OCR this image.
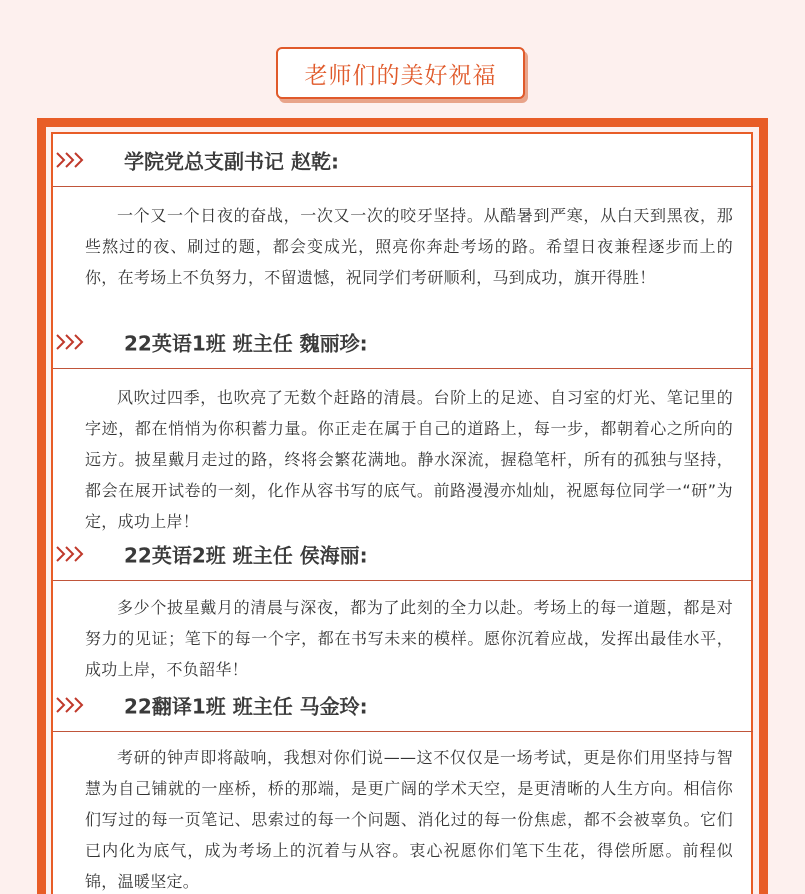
老师们的美好祝福
学院党总支副书记 赵乾:
一个又一个日夜的奋战，一次又一次的咬牙坚持。从酷暑到严寒，从白天到黑夜，那些熬过的夜、刷过的题，都会变成光，照亮你奔赴考场的路。希望日夜兼程逐步而上的你，在考场上不负努力，不留遗憾，祝同学们考研顺利，马到成功，旗开得胜！
22英语1班 班主任 魏丽珍:
风吹过四季，也吹亮了无数个赶路的清晨。台阶上的足迹、自习室的灯光、笔记里的字迹，都在悄悄为你积蓄力量。你正走在属于自己的道路上，每一步，都朝着心之所向的远方。披星戴月走过的路，终将会繁花满地。静水深流，握稳笔杆，所有的孤独与坚持，都会在展开试卷的一刻，化作从容书写的底气。前路漫漫亦灿灿，祝愿每位同学一“研”为定，成功上岸！
22英语2班 班主任 侯海丽:
多少个披星戴月的清晨与深夜，都为了此刻的全力以赴。考场上的每一道题，都是对努力的见证；笔下的每一个字，都在书写未来的模样。愿你沉着应战，发挥出最佳水平，成功上岸，不负韶华！
22翻译1班 班主任 马金玲:
考研的钟声即将敲响，我想对你们说——这不仅仅是一场考试，更是你们用坚持与智慧为自己铺就的一座桥，桥的那端，是更广阔的学术天空，是更清晰的人生方向。相信你们写过的每一页笔记、思索过的每一个问题、消化过的每一份焦虑，都不会被辜负。它们已内化为底气，成为考场上的沉着与从容。衷心祝愿你们笔下生花，得偿所愿。前程似锦，温暖坚定。
